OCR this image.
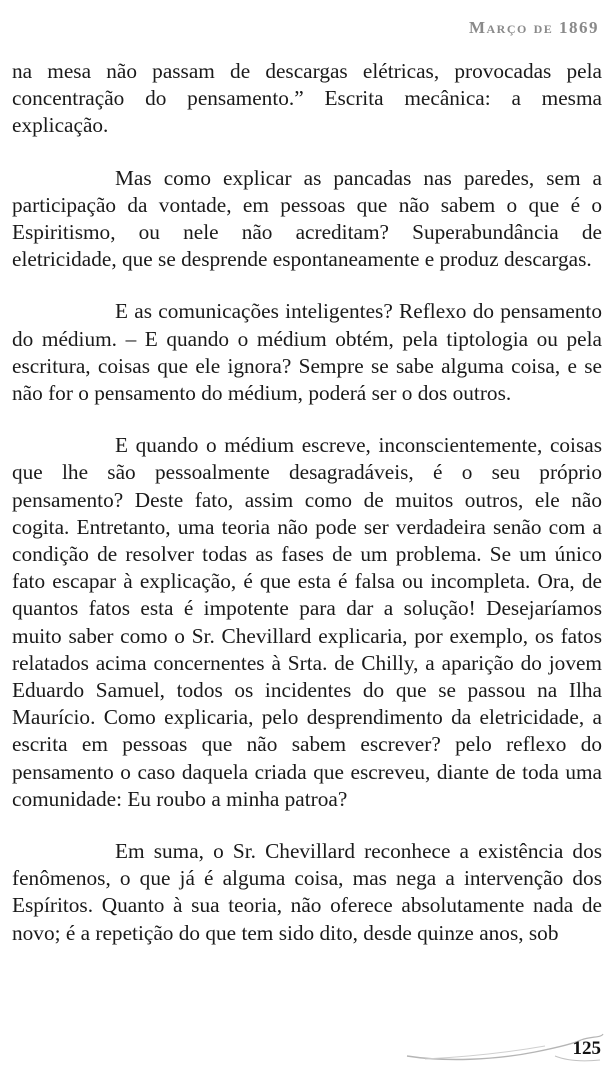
Março de 1869

na mesa não passam de descargas elétricas, provocadas pela concentração do pensamento.” Escrita mecânica: a mesma explicação.

Mas como explicar as pancadas nas paredes, sem a participação da vontade, em pessoas que não sabem o que é o Espiritismo, ou nele não acreditam? Superabundância de eletricidade, que se desprende espontaneamente e produz descargas.

E as comunicações inteligentes? Reflexo do pensamento do médium. – E quando o médium obtém, pela tiptologia ou pela escritura, coisas que ele ignora? Sempre se sabe alguma coisa, e se não for o pensamento do médium, poderá ser o dos outros.

E quando o médium escreve, inconscientemente, coisas que lhe são pessoalmente desagradáveis, é o seu próprio pensamento? Deste fato, assim como de muitos outros, ele não cogita. Entretanto, uma teoria não pode ser verdadeira senão com a condição de resolver todas as fases de um problema. Se um único fato escapar à explicação, é que esta é falsa ou incompleta. Ora, de quantos fatos esta é impotente para dar a solução! Desejaríamos muito saber como o Sr. Chevillard explicaria, por exemplo, os fatos relatados acima concernentes à Srta. de Chilly, a aparição do jovem Eduardo Samuel, todos os incidentes do que se passou na Ilha Maurício. Como explicaria, pelo desprendimento da eletricidade, a escrita em pessoas que não sabem escrever? pelo reflexo do pensamento o caso daquela criada que escreveu, diante de toda uma comunidade: Eu roubo a minha patroa?

Em suma, o Sr. Chevillard reconhece a existência dos fenômenos, o que já é alguma coisa, mas nega a intervenção dos Espíritos. Quanto à sua teoria, não oferece absolutamente nada de novo; é a repetição do que tem sido dito, desde quinze anos, sob

125
